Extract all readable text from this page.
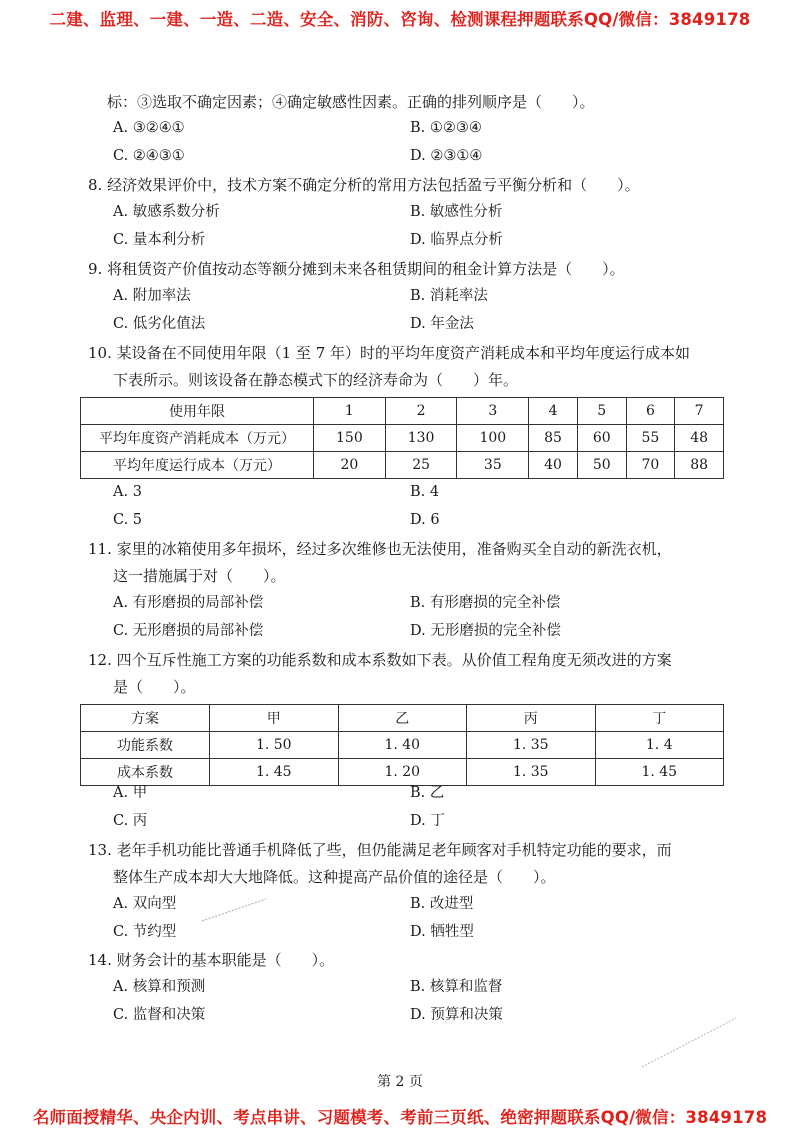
二建、监理、一建、一造、二造、安全、消防、咨询、检测课程押题联系QQ/微信：3849178
标：③选取不确定因素；④确定敏感性因素。正确的排列顺序是（　　）。
A. ③②④①	B. ①②③④
C. ②④③①	D. ②③①④
8. 经济效果评价中，技术方案不确定分析的常用方法包括盈亏平衡分析和（　　）。
A. 敏感系数分析	B. 敏感性分析
C. 量本利分析	D. 临界点分析
9. 将租赁资产价值按动态等额分摊到未来各租赁期间的租金计算方法是（　　）。
A. 附加率法	B. 消耗率法
C. 低劣化值法	D. 年金法
10. 某设备在不同使用年限（1 至 7 年）时的平均年度资产消耗成本和平均年度运行成本如
下表所示。则该设备在静态模式下的经济寿命为（　　）年。
使用年限	1	2	3	4	5	6	7
平均年度资产消耗成本（万元）	150	130	100	85	60	55	48
平均年度运行成本（万元）	20	25	35	40	50	70	88
A. 3	B. 4
C. 5	D. 6
11. 家里的冰箱使用多年损坏，经过多次维修也无法使用，准备购买全自动的新洗衣机，
这一措施属于对（　　）。
A. 有形磨损的局部补偿	B. 有形磨损的完全补偿
C. 无形磨损的局部补偿	D. 无形磨损的完全补偿
12. 四个互斥性施工方案的功能系数和成本系数如下表。从价值工程角度无须改进的方案
是（　　）。
方案	甲	乙	丙	丁
功能系数	1. 50	1. 40	1. 35	1. 4
成本系数	1. 45	1. 20	1. 35	1. 45
A. 甲	B. 乙
C. 丙	D. 丁
13. 老年手机功能比普通手机降低了些，但仍能满足老年顾客对手机特定功能的要求，而
整体生产成本却大大地降低。这种提高产品价值的途径是（　　）。
A. 双向型	B. 改进型
C. 节约型	D. 牺牲型
14. 财务会计的基本职能是（　　）。
A. 核算和预测	B. 核算和监督
C. 监督和决策	D. 预算和决策
第 2 页
名师面授精华、央企内训、考点串讲、习题模考、考前三页纸、绝密押题联系QQ/微信：3849178
